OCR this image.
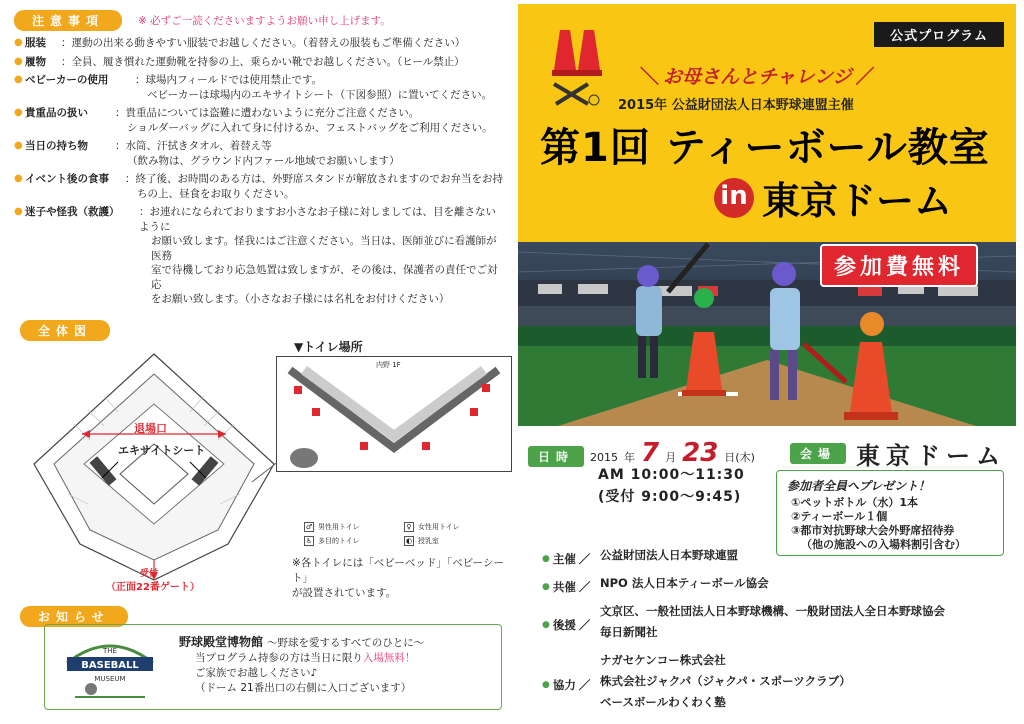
注意事項	※ 必ずご一読くださいますようお願い申し上げます。
● 服装	：運動の出来る動きやすい服装でお越しください。（着替えの服装もご準備ください）
● 履物	：全員、履き慣れた運動靴を持参の上、乗らかい靴でお越しください。（ヒール禁止）
● ベビーカーの使用	：球場内フィールドでは使用禁止です。
ベビーカーは球場内のエキサイトシート（下図参照）に置いてください。
● 貴重品の扱い	：貴重品については盗難に遭わないように充分ご注意ください。
ショルダーバッグに入れて身に付けるか、フェストバッグをご利用ください。
● 当日の持ち物	：水筒、汗拭きタオル、着替え等
（飲み物は、グラウンド内ファール地域でお願いします）
● イベント後の食事	：終了後、お時間のある方は、外野席スタンドが解放されますのでお弁当をお持
ちの上、昼食をお取りください。
● 迷子や怪我（救護）	：お連れになられておりますお小さなお子様に対しましては、目を離さないように
お願い致します。怪我にはご注意ください。当日は、医師並びに看護師が医務
室で待機しており応急処置は致しますが、その後は、保護者の責任でご対応
をお願い致します。（小さなお子様には名札をお付けください）
全体図
退場口
エキサイトシート
受付
（正面22番ゲート）
▼トイレ場所
内野 1F
♂ 男性用トイレ	♀ 女性用トイレ
♿ 多目的トイレ	◐ 授乳室
※各トイレには「ベビーベッド」「ベビーシート」
が設置されています。
お知らせ
THE
BASEBALL
MUSEUM
野球殿堂博物館 ～野球を愛するすべてのひとに～
当プログラム持参の方は当日に限り入場無料！
ご家族でお越しください♪
（ドーム 21番出口の右側に入口ございます）
公式プログラム
＼ お母さんとチャレンジ ／
2015年 公益財団法人日本野球連盟主催
第1回 ティーボール教室
in 東京ドーム
参加費無料
日時	2015 年 7 月 23 日(木)
AM 10:00～11:30
(受付 9:00～9:45)
会場 東京ドーム
参加者全員へプレゼント！
①ペットボトル（水）1本
②ティーボール１個
③都市対抗野球大会外野席招待券
（他の施設への入場料割引含む）
● 主催 ／ 公益財団法人日本野球連盟
● 共催 ／ NPO 法人日本ティーボール協会
● 後援 ／
文京区、一般社団法人日本野球機構、一般財団法人全日本野球協会
毎日新聞社
● 協力 ／
ナガセケンコー株式会社
株式会社ジャクパ（ジャクパ・スポーツクラブ）
ベースボールわくわく塾
